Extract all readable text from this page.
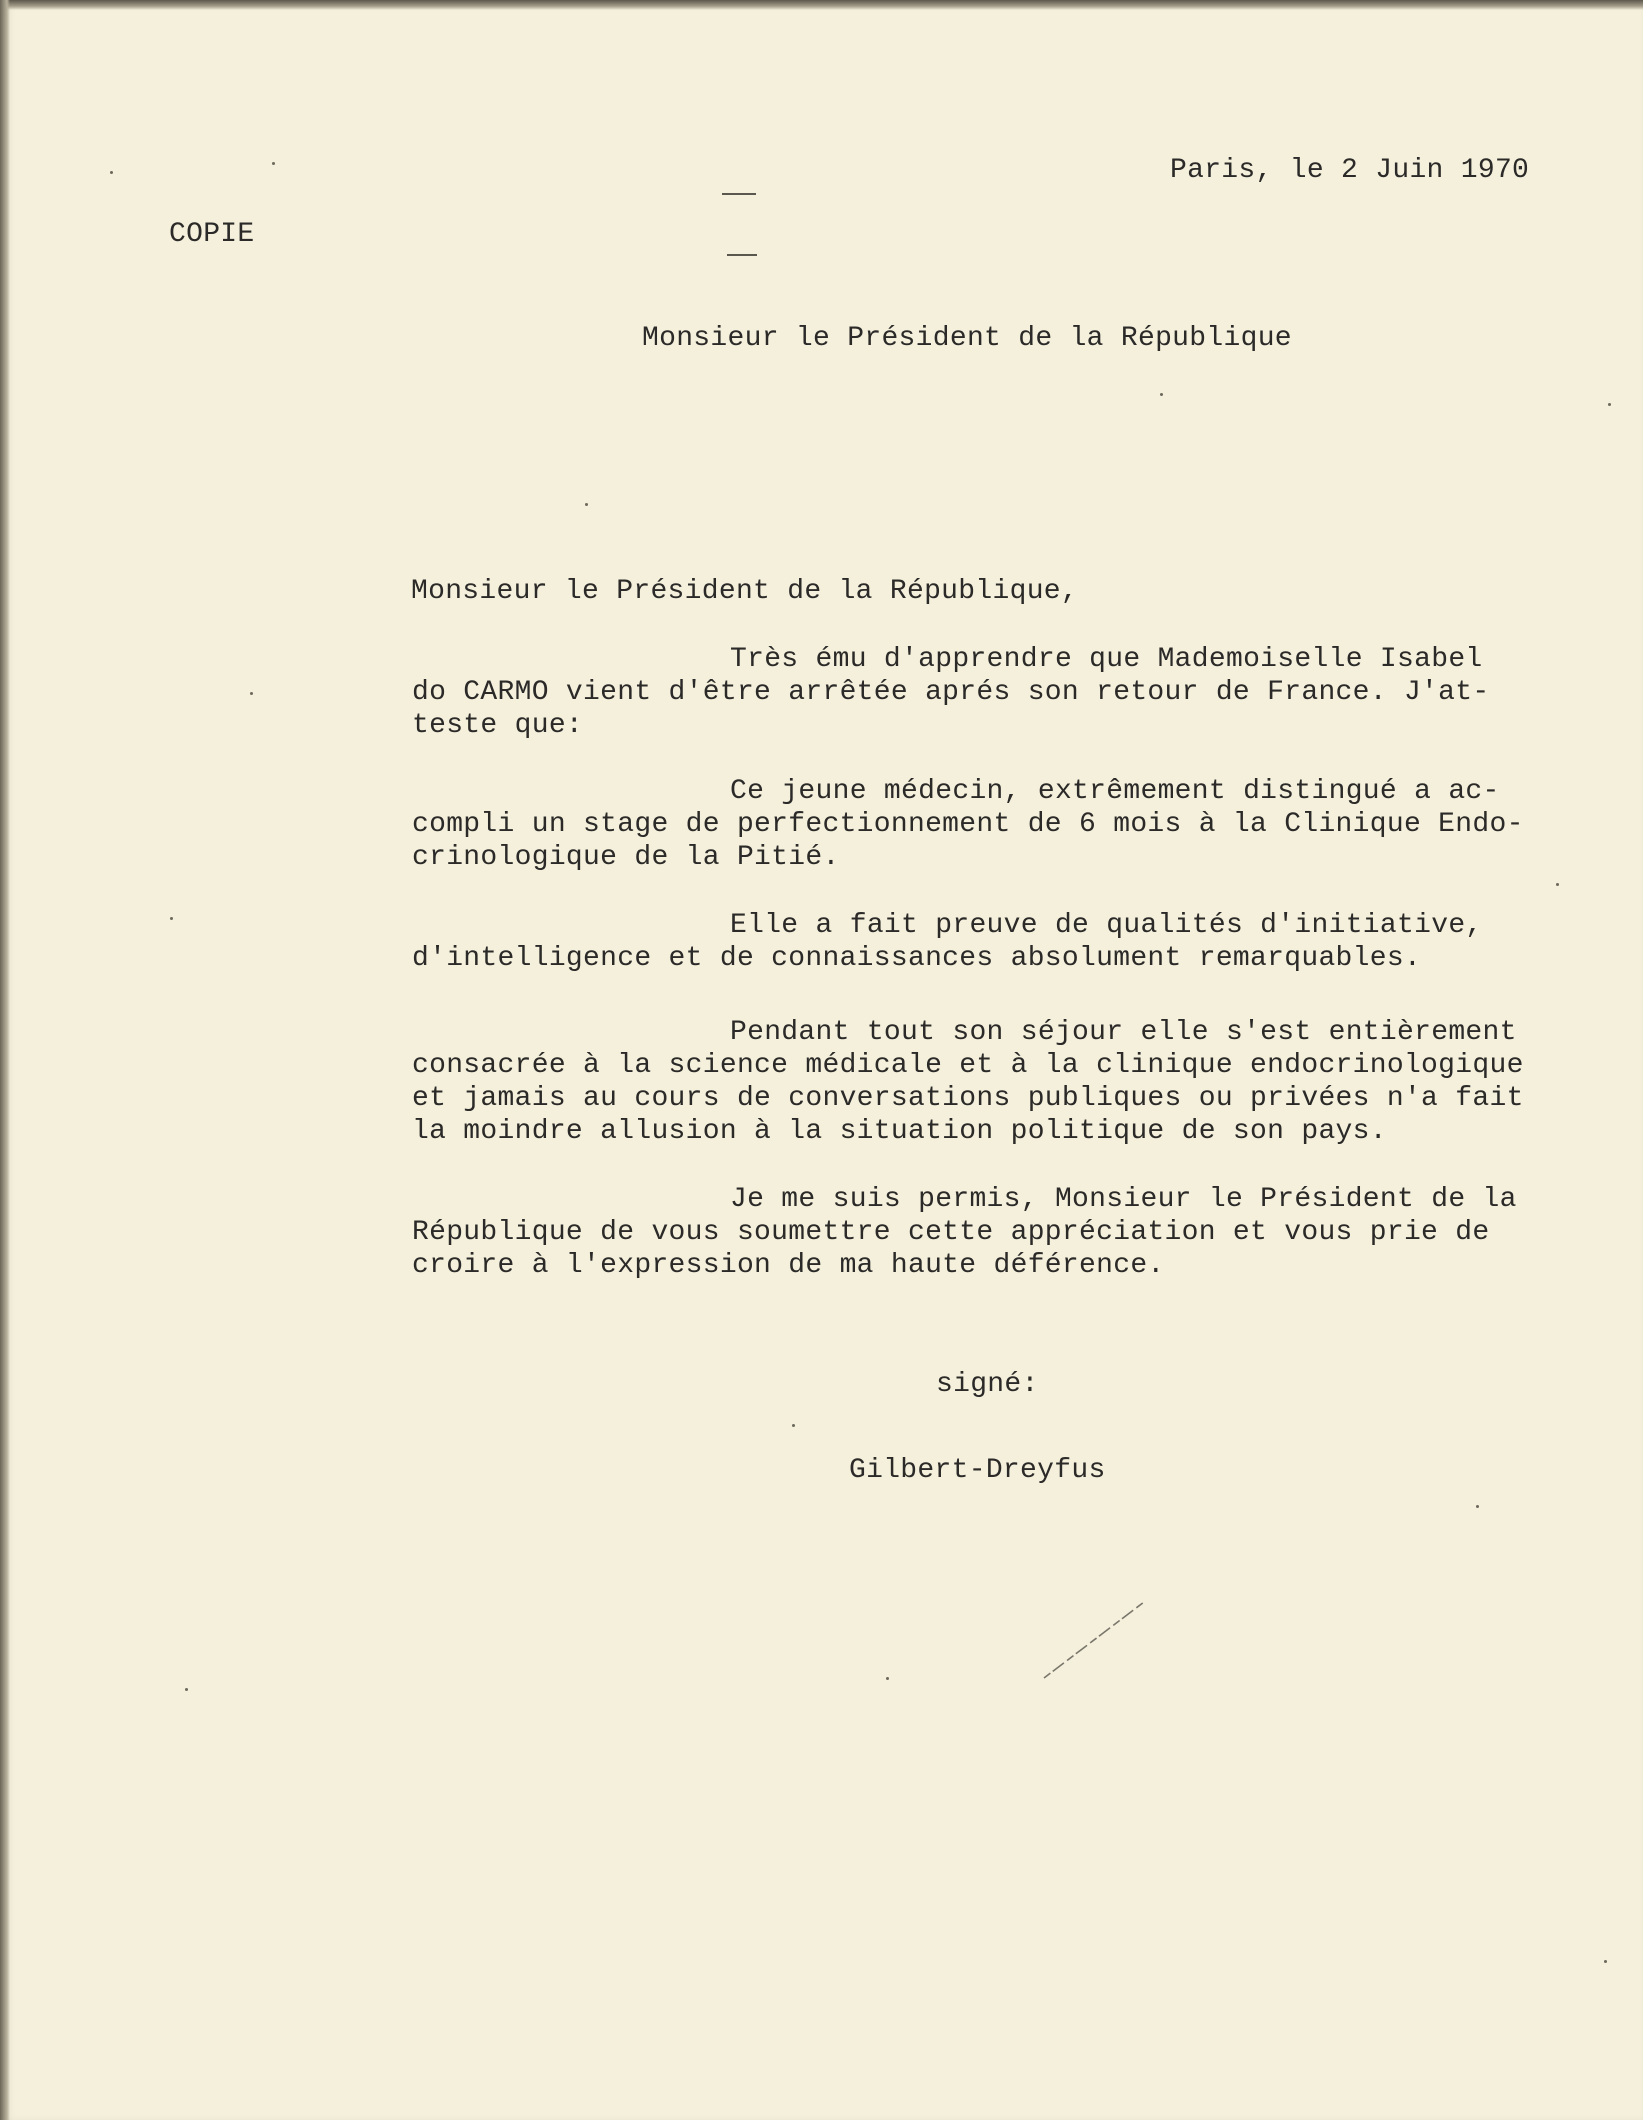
Paris, le 2 Juin 1970
COPIE
Monsieur le Président de la République
Monsieur le Président de la République,
Très ému d'apprendre que Mademoiselle Isabel
do CARMO vient d'être arrêtée aprés son retour de France. J'at-
teste que:
Ce jeune médecin, extrêmement distingué a ac-
compli un stage de perfectionnement de 6 mois à la Clinique Endo-
crinologique de la Pitié.
Elle a fait preuve de qualités d'initiative,
d'intelligence et de connaissances absolument remarquables.
Pendant tout son séjour elle s'est entièrement
consacrée à la science médicale et à la clinique endocrinologique
et jamais au cours de conversations publiques ou privées n'a fait
la moindre allusion à la situation politique de son pays.
Je me suis permis, Monsieur le Président de la
République de vous soumettre cette appréciation et vous prie de
croire à l'expression de ma haute déférence.
signé:
Gilbert-Dreyfus
